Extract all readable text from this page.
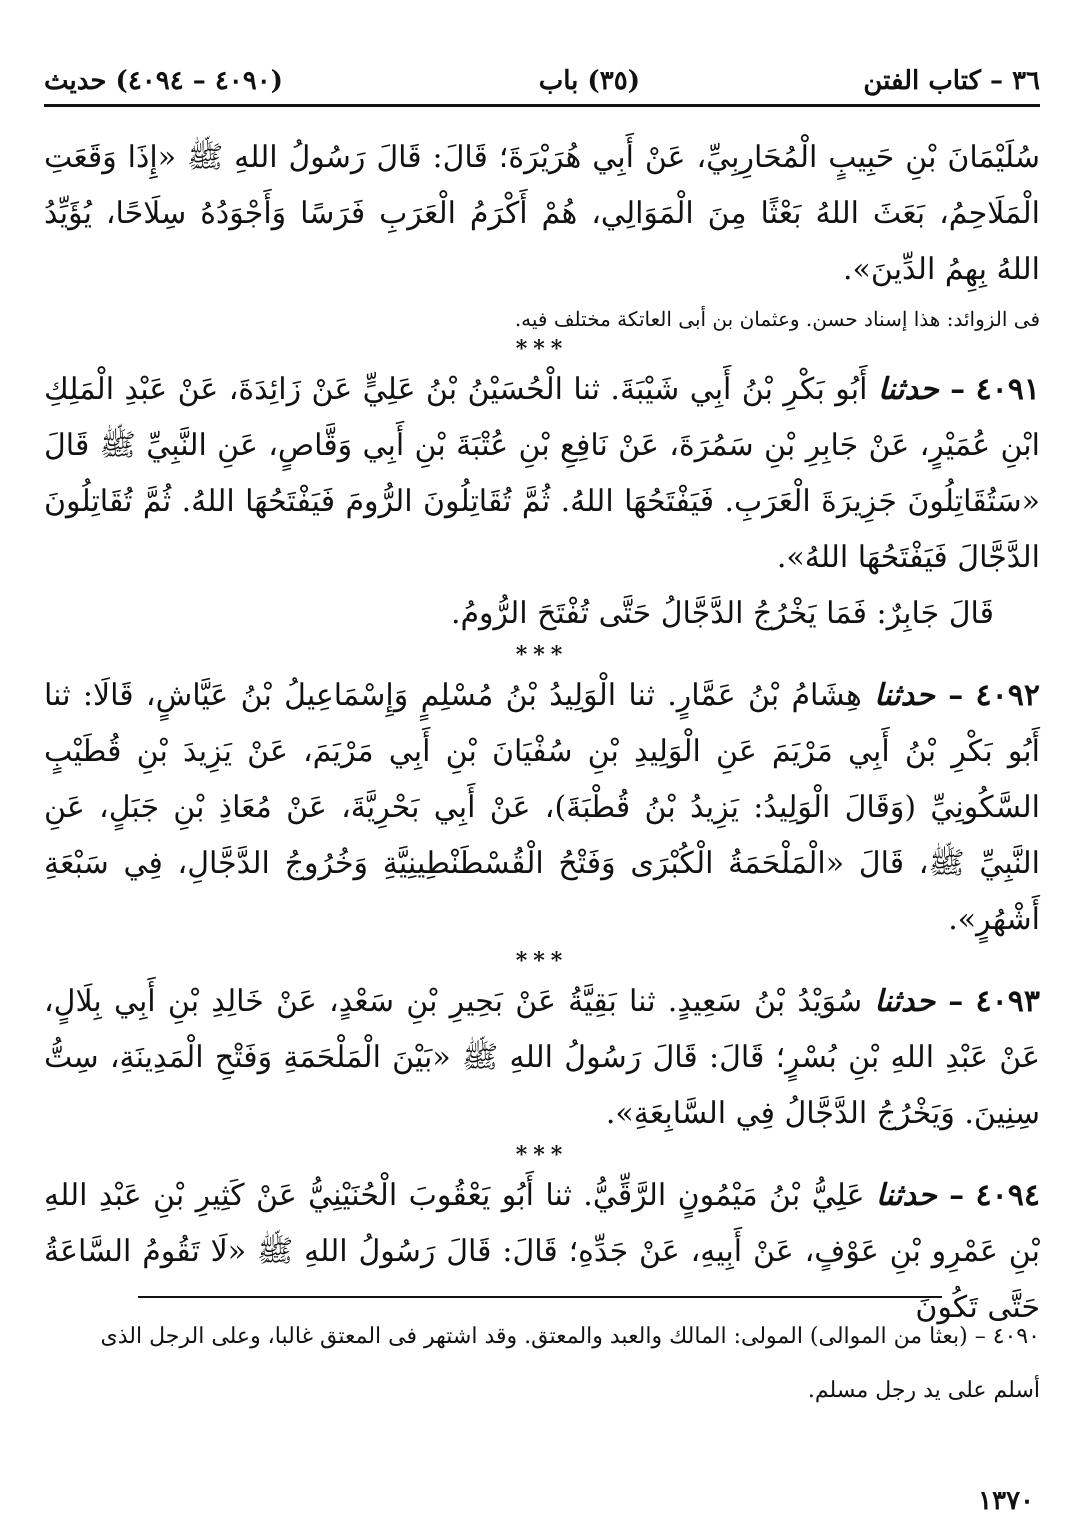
٣٦ – كتاب الفتن
(٣٥) باب
(٤٠٩٠ – ٤٠٩٤) حديث

سُلَيْمَانَ بْنِ حَبِيبٍ الْمُحَارِبِيِّ، عَنْ أَبِي هُرَيْرَةَ؛ قَالَ: قَالَ رَسُولُ اللهِ ﷺ «إِذَا وَقَعَتِ الْمَلَاحِمُ، بَعَثَ اللهُ بَعْثًا مِنَ الْمَوَالِي، هُمْ أَكْرَمُ الْعَرَبِ فَرَسًا وَأَجْوَدُهُ سِلَاحًا، يُؤَيِّدُ اللهُ بِهِمُ الدِّينَ».

فى الزوائد: هذا إسناد حسن. وعثمان بن أبى العاتكة مختلف فيه.

***

٤٠٩١ – حدثنا أَبُو بَكْرِ بْنُ أَبِي شَيْبَةَ. ثنا الْحُسَيْنُ بْنُ عَلِيٍّ عَنْ زَائِدَةَ، عَنْ عَبْدِ الْمَلِكِ ابْنِ عُمَيْرٍ، عَنْ جَابِرِ بْنِ سَمُرَةَ، عَنْ نَافِعِ بْنِ عُتْبَةَ بْنِ أَبِي وَقَّاصٍ، عَنِ النَّبِيِّ ﷺ قَالَ «سَتُقَاتِلُونَ جَزِيرَةَ الْعَرَبِ. فَيَفْتَحُهَا اللهُ. ثُمَّ تُقَاتِلُونَ الرُّومَ فَيَفْتَحُهَا اللهُ. ثُمَّ تُقَاتِلُونَ الدَّجَّالَ فَيَفْتَحُهَا اللهُ».

قَالَ جَابِرٌ: فَمَا يَخْرُجُ الدَّجَّالُ حَتَّى تُفْتَحَ الرُّومُ.

***

٤٠٩٢ – حدثنا هِشَامُ بْنُ عَمَّارٍ. ثنا الْوَلِيدُ بْنُ مُسْلِمٍ وَإِسْمَاعِيلُ بْنُ عَيَّاشٍ، قَالَا: ثنا أَبُو بَكْرِ بْنُ أَبِي مَرْيَمَ عَنِ الْوَلِيدِ بْنِ سُفْيَانَ بْنِ أَبِي مَرْيَمَ، عَنْ يَزِيدَ بْنِ قُطَيْبٍ السَّكُونِيِّ (وَقَالَ الْوَلِيدُ: يَزِيدُ بْنُ قُطْبَةَ)، عَنْ أَبِي بَحْرِيَّةَ، عَنْ مُعَاذِ بْنِ جَبَلٍ، عَنِ النَّبِيِّ ﷺ، قَالَ «الْمَلْحَمَةُ الْكُبْرَى وَفَتْحُ الْقُسْطَنْطِينِيَّةِ وَخُرُوجُ الدَّجَّالِ، فِي سَبْعَةِ أَشْهُرٍ».

***

٤٠٩٣ – حدثنا سُوَيْدُ بْنُ سَعِيدٍ. ثنا بَقِيَّةُ عَنْ بَحِيرِ بْنِ سَعْدٍ، عَنْ خَالِدِ بْنِ أَبِي بِلَالٍ، عَنْ عَبْدِ اللهِ بْنِ بُسْرٍ؛ قَالَ: قَالَ رَسُولُ اللهِ ﷺ «بَيْنَ الْمَلْحَمَةِ وَفَتْحِ الْمَدِينَةِ، سِتُّ سِنِينَ. وَيَخْرُجُ الدَّجَّالُ فِي السَّابِعَةِ».

***

٤٠٩٤ – حدثنا عَلِيُّ بْنُ مَيْمُونٍ الرَّقِّيُّ. ثنا أَبُو يَعْقُوبَ الْحُنَيْنِيُّ عَنْ كَثِيرِ بْنِ عَبْدِ اللهِ بْنِ عَمْرِو بْنِ عَوْفٍ، عَنْ أَبِيهِ، عَنْ جَدِّهِ؛ قَالَ: قَالَ رَسُولُ اللهِ ﷺ «لَا تَقُومُ السَّاعَةُ حَتَّى تَكُونَ

٤٠٩٠ – (بعثا من الموالى) المولى: المالك والعبد والمعتق. وقد اشتهر فى المعتق غالبا، وعلى الرجل الذى

أسلم على يد رجل مسلم.

١٣٧٠
